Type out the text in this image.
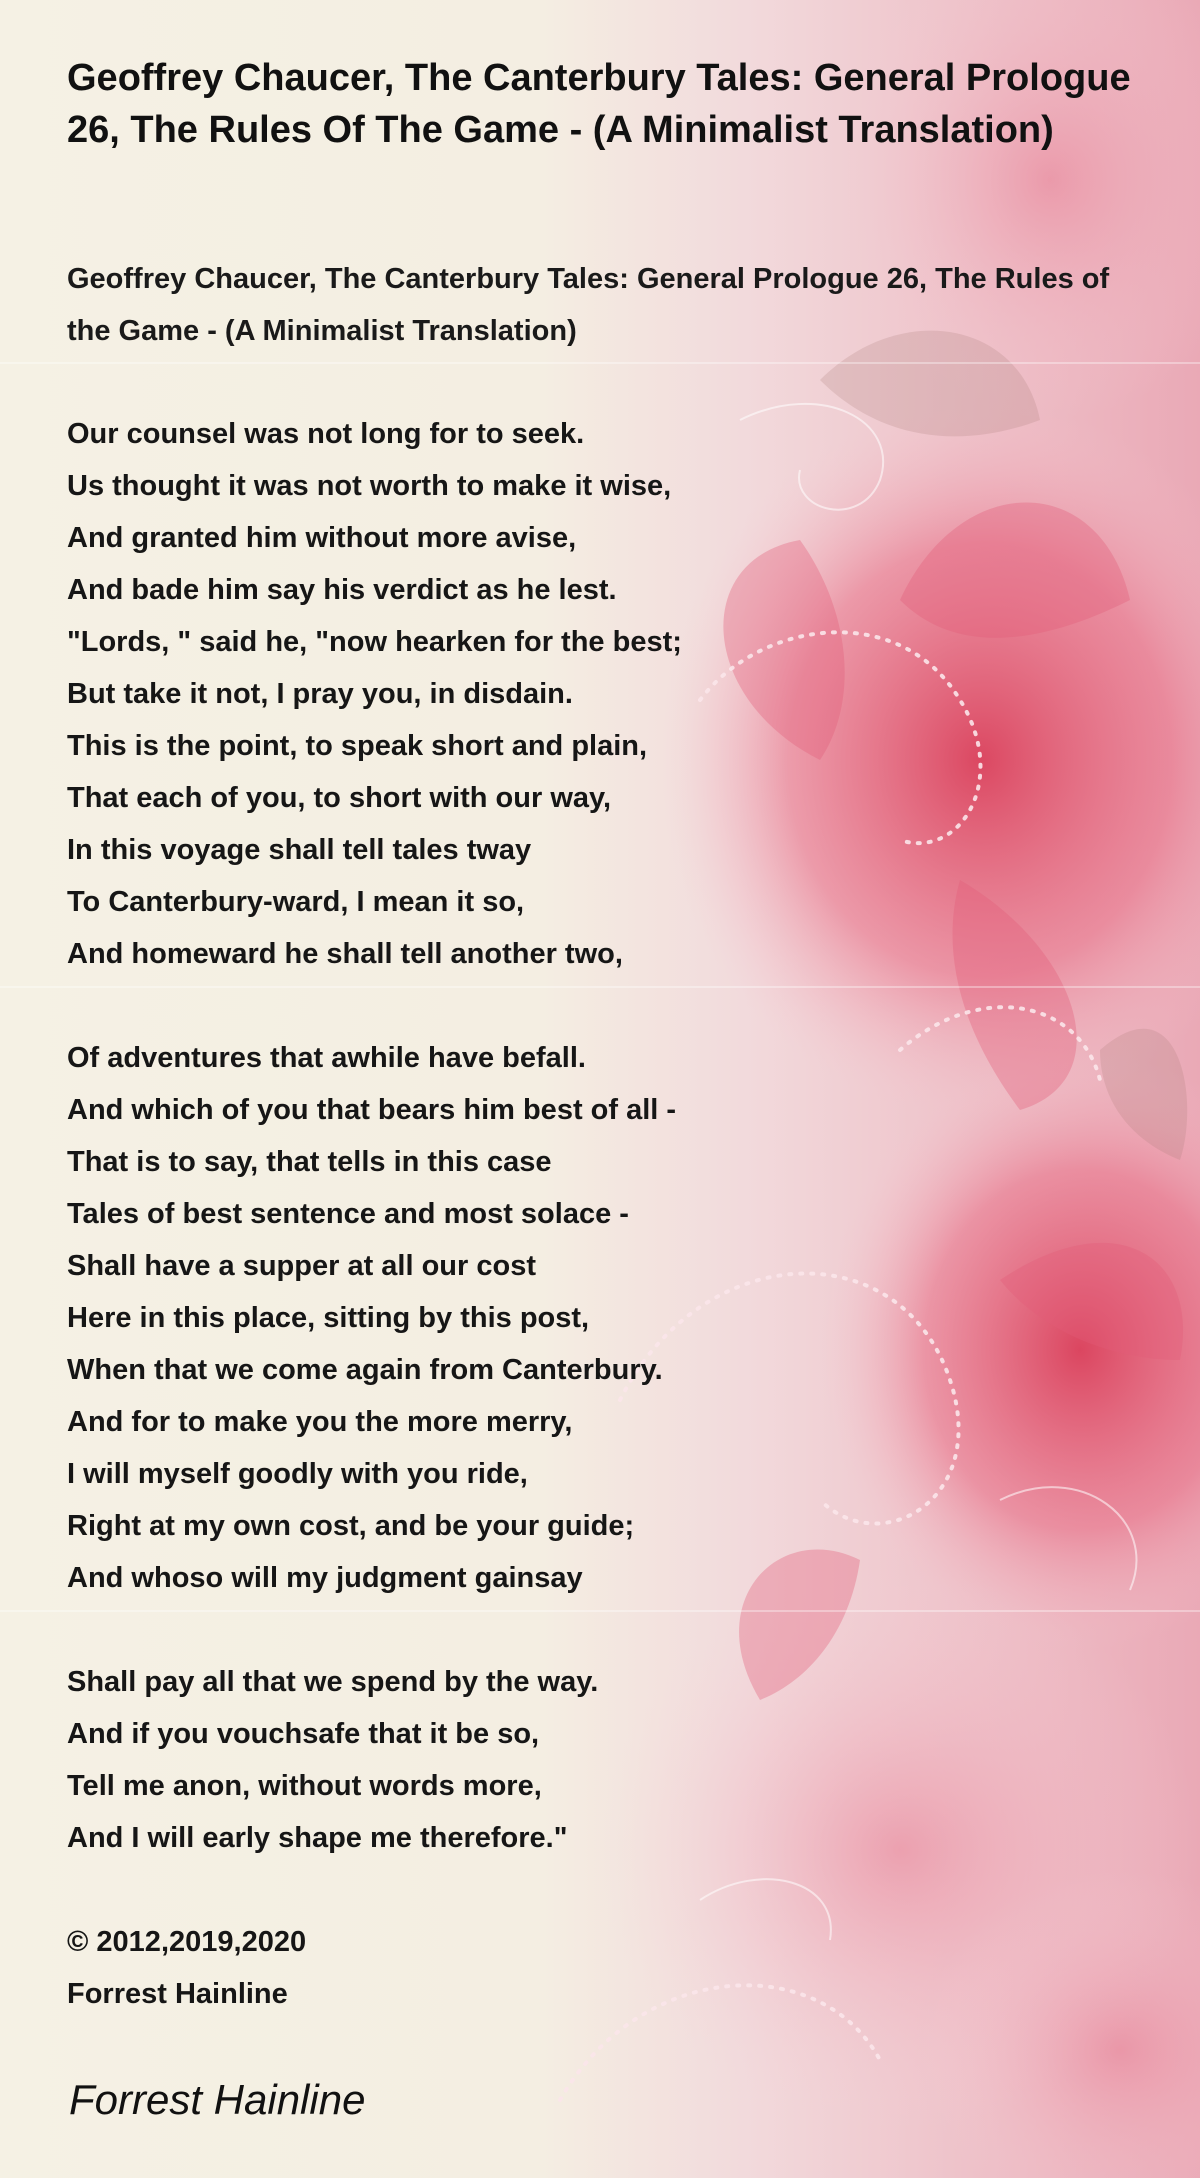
Geoffrey Chaucer, The Canterbury Tales: General Prologue 26, The Rules Of The Game - (A Minimalist Translation)
Geoffrey Chaucer, The Canterbury Tales: General Prologue 26, The Rules of the Game - (A Minimalist Translation)
Our counsel was not long for to seek.
Us thought it was not worth to make it wise,
And granted him without more avise,
And bade him say his verdict as he lest.
"Lords, " said he, "now hearken for the best;
But take it not, I pray you, in disdain.
This is the point, to speak short and plain,
That each of you, to short with our way,
In this voyage shall tell tales tway
To Canterbury-ward, I mean it so,
And homeward he shall tell another two,
Of adventures that awhile have befall.
And which of you that bears him best of all -
That is to say, that tells in this case
Tales of best sentence and most solace -
Shall have a supper at all our cost
Here in this place, sitting by this post,
When that we come again from Canterbury.
And for to make you the more merry,
I will myself goodly with you ride,
Right at my own cost, and be your guide;
And whoso will my judgment gainsay
Shall pay all that we spend by the way.
And if you vouchsafe that it be so,
Tell me anon, without words more,
And I will early shape me therefore."
© 2012,2019,2020
Forrest Hainline
Forrest Hainline
